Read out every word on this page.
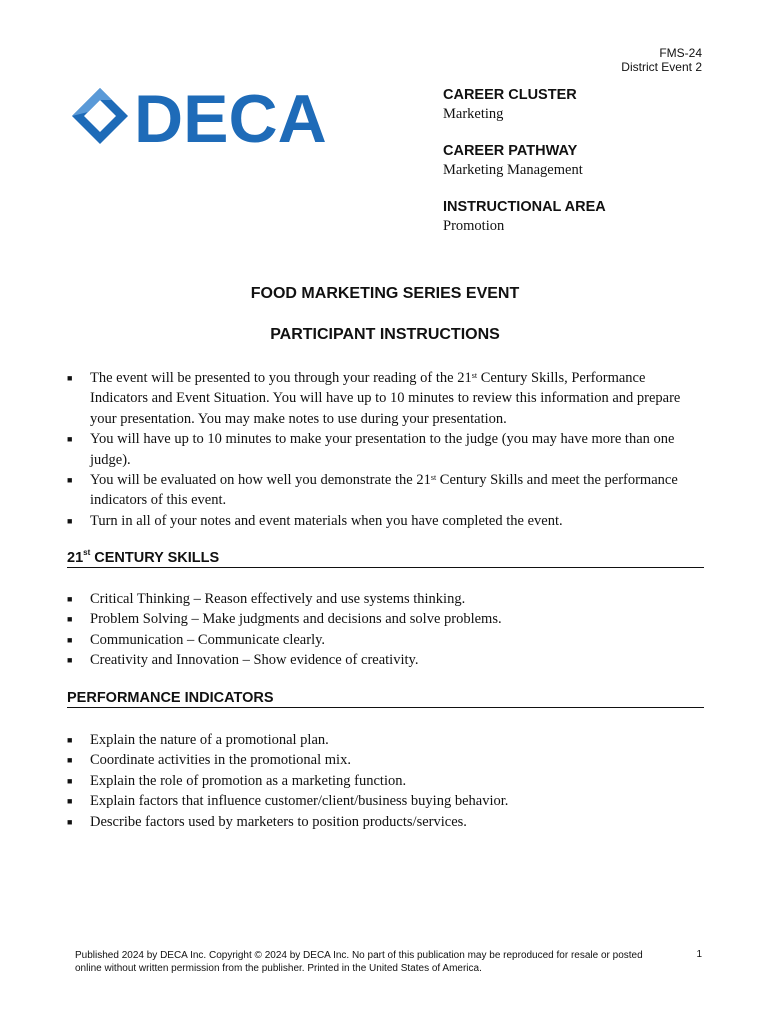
FMS-24
District Event 2
DECA	CAREER CLUSTER
Marketing
CAREER PATHWAY
Marketing Management
INSTRUCTIONAL AREA
Promotion
FOOD MARKETING SERIES EVENT
PARTICIPANT INSTRUCTIONS
■ The event will be presented to you through your reading of the 21st Century Skills, Performance Indicators and Event Situation. You will have up to 10 minutes to review this information and prepare your presentation. You may make notes to use during your presentation.
■ You will have up to 10 minutes to make your presentation to the judge (you may have more than one judge).
■ You will be evaluated on how well you demonstrate the 21st Century Skills and meet the performance indicators of this event.
■ Turn in all of your notes and event materials when you have completed the event.
21st CENTURY SKILLS
■ Critical Thinking – Reason effectively and use systems thinking.
■ Problem Solving – Make judgments and decisions and solve problems.
■ Communication – Communicate clearly.
■ Creativity and Innovation – Show evidence of creativity.
PERFORMANCE INDICATORS
■ Explain the nature of a promotional plan.
■ Coordinate activities in the promotional mix.
■ Explain the role of promotion as a marketing function.
■ Explain factors that influence customer/client/business buying behavior.
■ Describe factors used by marketers to position products/services.
Published 2024 by DECA Inc. Copyright © 2024 by DECA Inc. No part of this publication may be reproduced for resale or posted online without written permission from the publisher. Printed in the United States of America.
1
